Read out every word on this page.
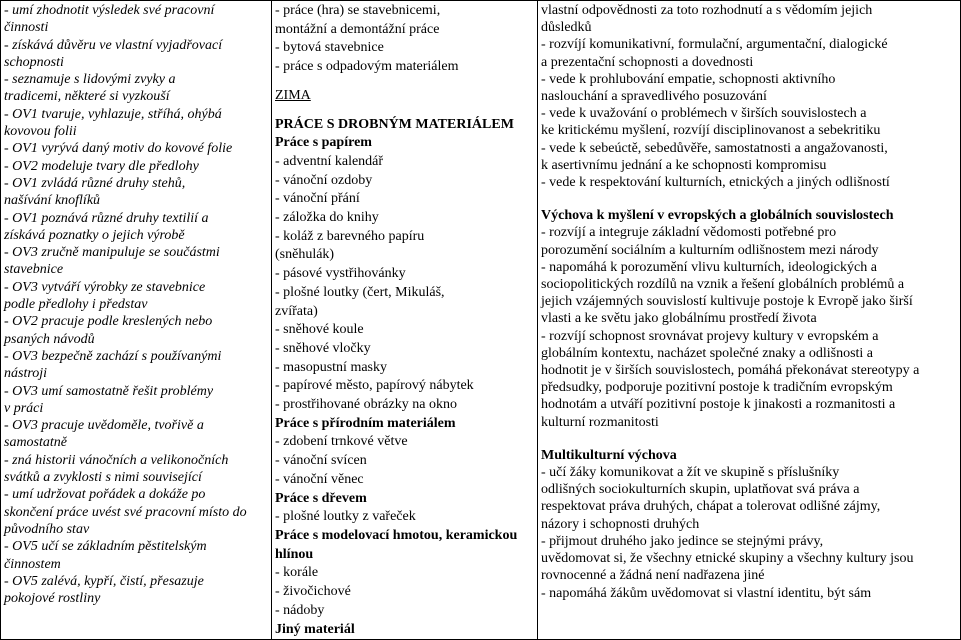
- umí zhodnotit výsledek své pracovní
činnosti
- získává důvěru ve vlastní vyjadřovací
schopnosti
- seznamuje s lidovými zvyky a
tradicemi, některé si vyzkouší
- OV1 tvaruje, vyhlazuje, stříhá, ohýbá
kovovou folii
- OV1 vyrývá daný motiv do kovové folie
- OV2 modeluje tvary dle předlohy
- OV1 zvládá různé druhy stehů,
našívání knoflíků
- OV1 poznává různé druhy textilií a
získává poznatky o jejich výrobě
- OV3 zručně manipuluje se součástmi
stavebnice
- OV3 vytváří výrobky ze stavebnice
podle předlohy i představ
- OV2 pracuje podle kreslených nebo
psaných návodů
- OV3 bezpečně zachází s používanými
nástroji
- OV3 umí samostatně řešit problémy
v práci
- OV3 pracuje uvědoměle, tvořivě a
samostatně
- zná historii vánočních a velikonočních
svátků a zvyklosti s nimi související
- umí udržovat pořádek a dokáže po
skončení práce uvést své pracovní místo do
původního stav
- OV5 učí se základním pěstitelským
činnostem
- OV5 zalévá, kypří, čistí, přesazuje
pokojové rostliny

- práce (hra) se stavebnicemi,
montážní a demontážní práce
- bytová stavebnice
- práce s odpadovým materiálem
ZIMA
PRÁCE S DROBNÝM MATERIÁLEM
Práce s papírem
- adventní kalendář
- vánoční ozdoby
- vánoční přání
- záložka do knihy
- koláž z barevného papíru
(sněhulák)
- pásové vystřihovánky
- plošné loutky (čert, Mikuláš,
zvířata)
- sněhové koule
- sněhové vločky
- masopustní masky
- papírové město, papírový nábytek
- prostřihované obrázky na okno
Práce s přírodním materiálem
- zdobení trnkové větve
- vánoční svícen
- vánoční věnec
Práce s dřevem
- plošné loutky z vařeček
Práce s modelovací hmotou, keramickou
hlínou
- korále
- živočichové
- nádoby
Jiný materiál

vlastní odpovědnosti za toto rozhodnutí a s vědomím jejich
důsledků
- rozvíjí komunikativní, formulační, argumentační, dialogické
a prezentační schopnosti a dovednosti
- vede k prohlubování empatie, schopnosti aktivního
naslouchání a spravedlivého posuzování
- vede k uvažování o problémech v širších souvislostech a
ke kritickému myšlení, rozvíjí disciplinovanost a sebekritiku
- vede k sebeúctě, sebedůvěře, samostatnosti a angažovanosti,
k asertivnímu jednání a ke schopnosti kompromisu
- vede k respektování kulturních, etnických a jiných odlišností
Výchova k myšlení v evropských a globálních souvislostech
- rozvíjí a integruje základní vědomosti potřebné pro
porozumění sociálním a kulturním odlišnostem mezi národy
- napomáhá k porozumění vlivu kulturních, ideologických a
sociopolitických rozdílů na vznik a řešení globálních problémů a
jejich vzájemných souvislostí kultivuje postoje k Evropě jako širší
vlasti a ke světu jako globálnímu prostředí života
- rozvíjí schopnost srovnávat projevy kultury v evropském a
globálním kontextu, nacházet společné znaky a odlišnosti a
hodnotit je v širších souvislostech, pomáhá překonávat stereotypy a
předsudky, podporuje pozitivní postoje k tradičním evropským
hodnotám a utváří pozitivní postoje k jinakosti a rozmanitosti a
kulturní rozmanitosti
Multikulturní výchova
- učí žáky komunikovat a žít ve skupině s příslušníky
odlišných sociokulturních skupin, uplatňovat svá práva a
respektovat práva druhých, chápat a tolerovat odlišné zájmy,
názory i schopnosti druhých
- přijmout druhého jako jedince se stejnými právy,
uvědomovat si, že všechny etnické skupiny a všechny kultury jsou
rovnocenné a žádná není nadřazena jiné
- napomáhá žákům uvědomovat si vlastní identitu, být sám
